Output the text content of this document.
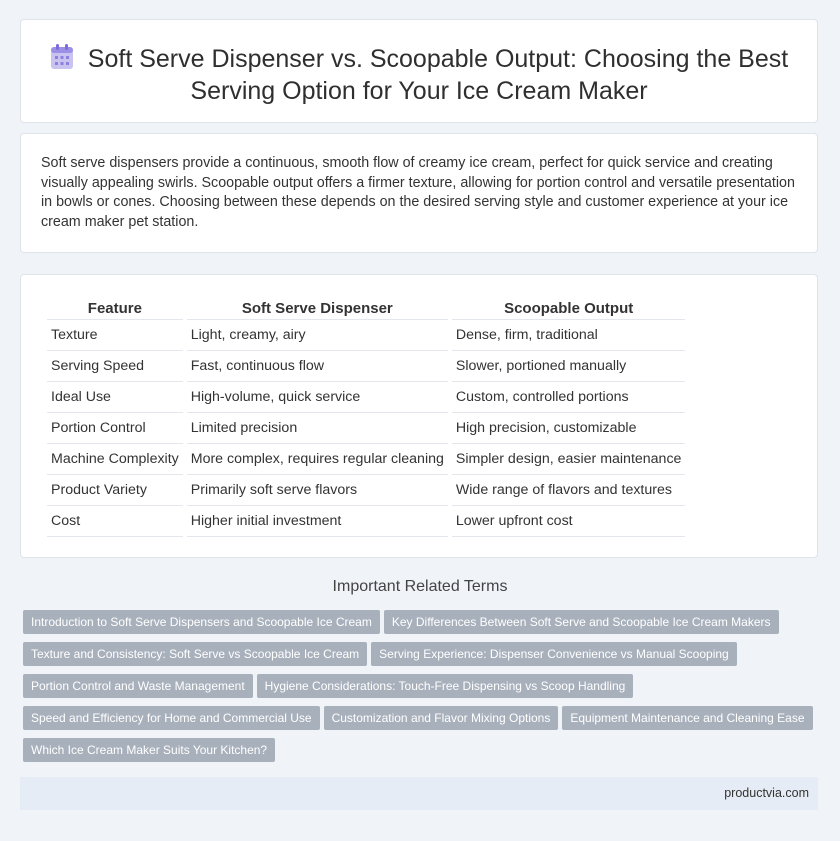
Soft Serve Dispenser vs. Scoopable Output: Choosing the Best
Serving Option for Your Ice Cream Maker
Soft serve dispensers provide a continuous, smooth flow of creamy ice cream, perfect for quick service and creating visually appealing swirls. Scoopable output offers a firmer texture, allowing for portion control and versatile presentation in bowls or cones. Choosing between these depends on the desired serving style and customer experience at your ice cream maker pet station.
Feature	Soft Serve Dispenser	Scoopable Output
Texture	Light, creamy, airy	Dense, firm, traditional
Serving Speed	Fast, continuous flow	Slower, portioned manually
Ideal Use	High-volume, quick service	Custom, controlled portions
Portion Control	Limited precision	High precision, customizable
Machine Complexity	More complex, requires regular cleaning	Simpler design, easier maintenance
Product Variety	Primarily soft serve flavors	Wide range of flavors and textures
Cost	Higher initial investment	Lower upfront cost
Important Related Terms
Introduction to Soft Serve Dispensers and Scoopable Ice Cream Key Differences Between Soft Serve and Scoopable Ice Cream Makers
Texture and Consistency: Soft Serve vs Scoopable Ice Cream Serving Experience: Dispenser Convenience vs Manual Scooping
Portion Control and Waste Management Hygiene Considerations: Touch-Free Dispensing vs Scoop Handling
Speed and Efficiency for Home and Commercial Use Customization and Flavor Mixing Options Equipment Maintenance and Cleaning Ease
Which Ice Cream Maker Suits Your Kitchen?
productvia.com
